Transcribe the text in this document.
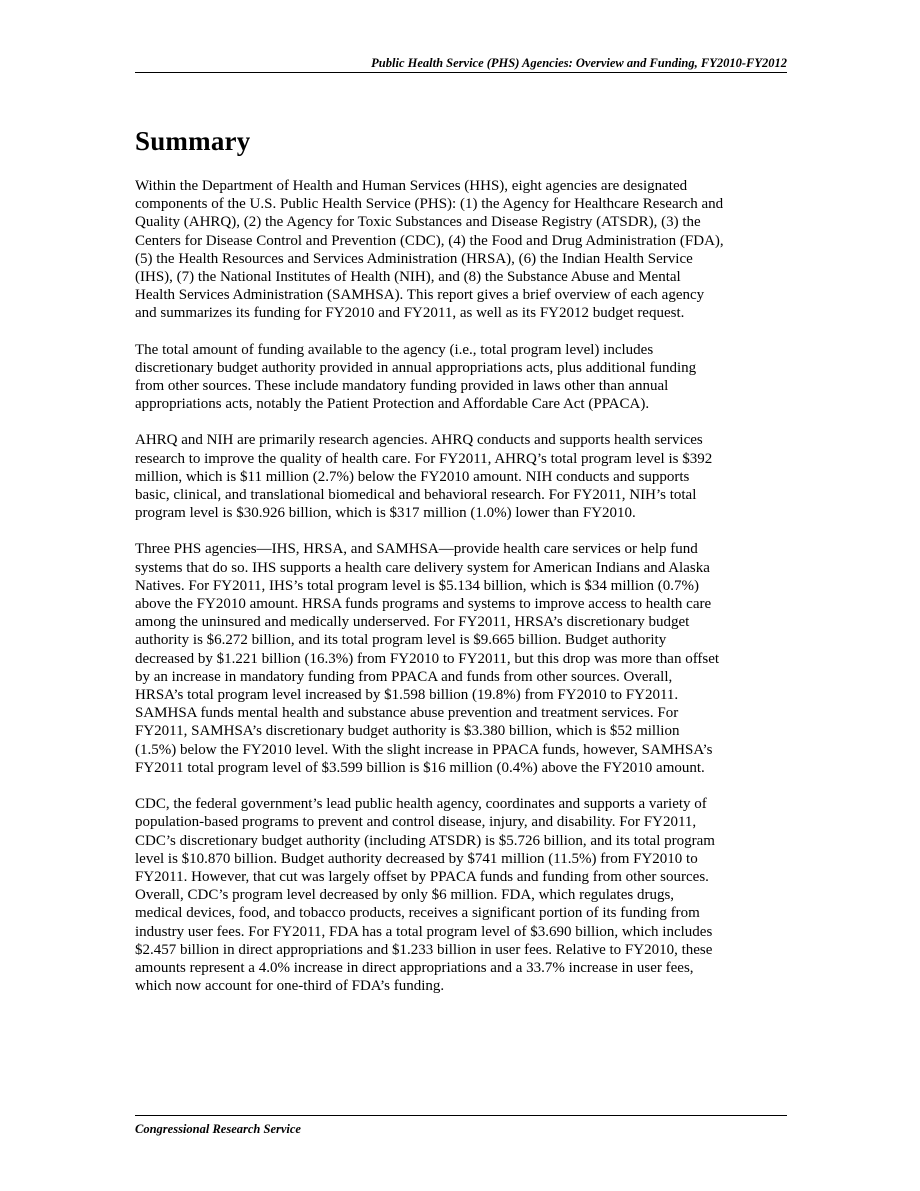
Public Health Service (PHS) Agencies: Overview and Funding, FY2010-FY2012
Summary

Within the Department of Health and Human Services (HHS), eight agencies are designated
components of the U.S. Public Health Service (PHS): (1) the Agency for Healthcare Research and
Quality (AHRQ), (2) the Agency for Toxic Substances and Disease Registry (ATSDR), (3) the
Centers for Disease Control and Prevention (CDC), (4) the Food and Drug Administration (FDA),
(5) the Health Resources and Services Administration (HRSA), (6) the Indian Health Service
(IHS), (7) the National Institutes of Health (NIH), and (8) the Substance Abuse and Mental
Health Services Administration (SAMHSA). This report gives a brief overview of each agency
and summarizes its funding for FY2010 and FY2011, as well as its FY2012 budget request.

The total amount of funding available to the agency (i.e., total program level) includes
discretionary budget authority provided in annual appropriations acts, plus additional funding
from other sources. These include mandatory funding provided in laws other than annual
appropriations acts, notably the Patient Protection and Affordable Care Act (PPACA).

AHRQ and NIH are primarily research agencies. AHRQ conducts and supports health services
research to improve the quality of health care. For FY2011, AHRQ’s total program level is $392
million, which is $11 million (2.7%) below the FY2010 amount. NIH conducts and supports
basic, clinical, and translational biomedical and behavioral research. For FY2011, NIH’s total
program level is $30.926 billion, which is $317 million (1.0%) lower than FY2010.

Three PHS agencies—IHS, HRSA, and SAMHSA—provide health care services or help fund
systems that do so. IHS supports a health care delivery system for American Indians and Alaska
Natives. For FY2011, IHS’s total program level is $5.134 billion, which is $34 million (0.7%)
above the FY2010 amount. HRSA funds programs and systems to improve access to health care
among the uninsured and medically underserved. For FY2011, HRSA’s discretionary budget
authority is $6.272 billion, and its total program level is $9.665 billion. Budget authority
decreased by $1.221 billion (16.3%) from FY2010 to FY2011, but this drop was more than offset
by an increase in mandatory funding from PPACA and funds from other sources. Overall,
HRSA’s total program level increased by $1.598 billion (19.8%) from FY2010 to FY2011.
SAMHSA funds mental health and substance abuse prevention and treatment services. For
FY2011, SAMHSA’s discretionary budget authority is $3.380 billion, which is $52 million
(1.5%) below the FY2010 level. With the slight increase in PPACA funds, however, SAMHSA’s
FY2011 total program level of $3.599 billion is $16 million (0.4%) above the FY2010 amount.

CDC, the federal government’s lead public health agency, coordinates and supports a variety of
population-based programs to prevent and control disease, injury, and disability. For FY2011,
CDC’s discretionary budget authority (including ATSDR) is $5.726 billion, and its total program
level is $10.870 billion. Budget authority decreased by $741 million (11.5%) from FY2010 to
FY2011. However, that cut was largely offset by PPACA funds and funding from other sources.
Overall, CDC’s program level decreased by only $6 million. FDA, which regulates drugs,
medical devices, food, and tobacco products, receives a significant portion of its funding from
industry user fees. For FY2011, FDA has a total program level of $3.690 billion, which includes
$2.457 billion in direct appropriations and $1.233 billion in user fees. Relative to FY2010, these
amounts represent a 4.0% increase in direct appropriations and a 33.7% increase in user fees,
which now account for one-third of FDA’s funding.

Congressional Research Service
